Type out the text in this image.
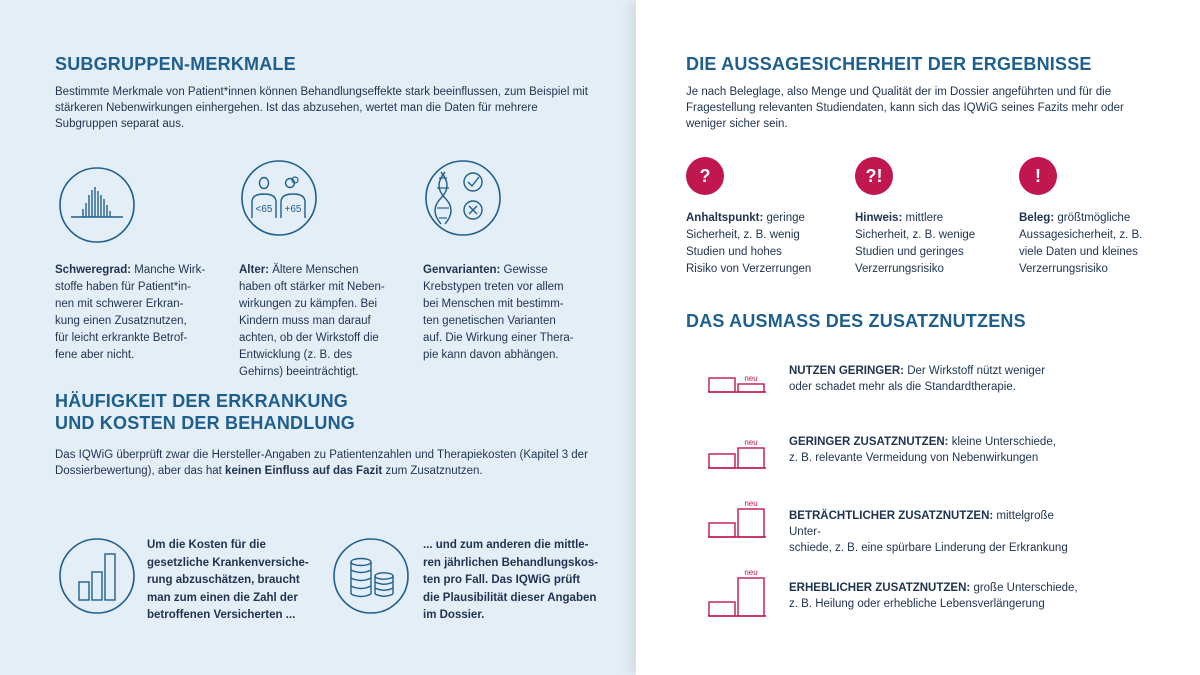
SUBGRUPPEN-MERKMALE

Bestimmte Merkmale von Patient*innen können Behandlungseffekte stark beeinflussen, zum Beispiel mit stärkeren Nebenwirkungen einhergehen. Ist das abzusehen, wertet man die Daten für mehrere Subgruppen separat aus.

<65 +65
Schweregrad: Manche Wirk-
stoffe haben für Patient*in-
nen mit schwerer Erkran-
kung einen Zusatznutzen,
für leicht erkrankte Betrof-
fene aber nicht.
Alter: Ältere Menschen
haben oft stärker mit Neben-
wirkungen zu kämpfen. Bei
Kindern muss man darauf
achten, ob der Wirkstoff die
Entwicklung (z. B. des
Gehirns) beeinträchtigt.
Genvarianten: Gewisse
Krebstypen treten vor allem
bei Menschen mit bestimm-
ten genetischen Varianten
auf. Die Wirkung einer Thera-
pie kann davon abhängen.
HÄUFIGKEIT DER ERKRANKUNG
UND KOSTEN DER BEHANDLUNG

Das IQWiG überprüft zwar die Hersteller-Angaben zu Patientenzahlen und Therapiekosten (Kapitel 3 der Dossierbewertung), aber das hat keinen Einfluss auf das Fazit zum Zusatznutzen.

Um die Kosten für die
gesetzliche Krankenversiche-
rung abzuschätzen, braucht
man zum einen die Zahl der
betroffenen Versicherten ...
... und zum anderen die mittle-
ren jährlichen Behandlungskos-
ten pro Fall. Das IQWiG prüft
die Plausibilität dieser Angaben
im Dossier.
DIE AUSSAGESICHERHEIT DER ERGEBNISSE

Je nach Beleglage, also Menge und Qualität der im Dossier angeführten und für die Fragestellung relevanten Studiendaten, kann sich das IQWiG seines Fazits mehr oder weniger sicher sein.

?	?!	!
Anhaltspunkt: geringe
Sicherheit, z. B. wenig
Studien und hohes
Risiko von Verzerrungen
Hinweis: mittlere
Sicherheit, z. B. wenige
Studien und geringes
Verzerrungsrisiko
Beleg: größtmögliche
Aussagesicherheit, z. B.
viele Daten und kleines
Verzerrungsrisiko
DAS AUSMASS DES ZUSATZNUTZENS
neu
NUTZEN GERINGER: Der Wirkstoff nützt weniger
oder schadet mehr als die Standardtherapie.
neu	GERINGER ZUSATZNUTZEN: kleine Unterschiede,
z. B. relevante Vermeidung von Nebenwirkungen
neu
BETRÄCHTLICHER ZUSATZNUTZEN: mittelgroße Unter-
schiede, z. B. eine spürbare Linderung der Erkrankung
neu
ERHEBLICHER ZUSATZNUTZEN: große Unterschiede,
z. B. Heilung oder erhebliche Lebensverlängerung
